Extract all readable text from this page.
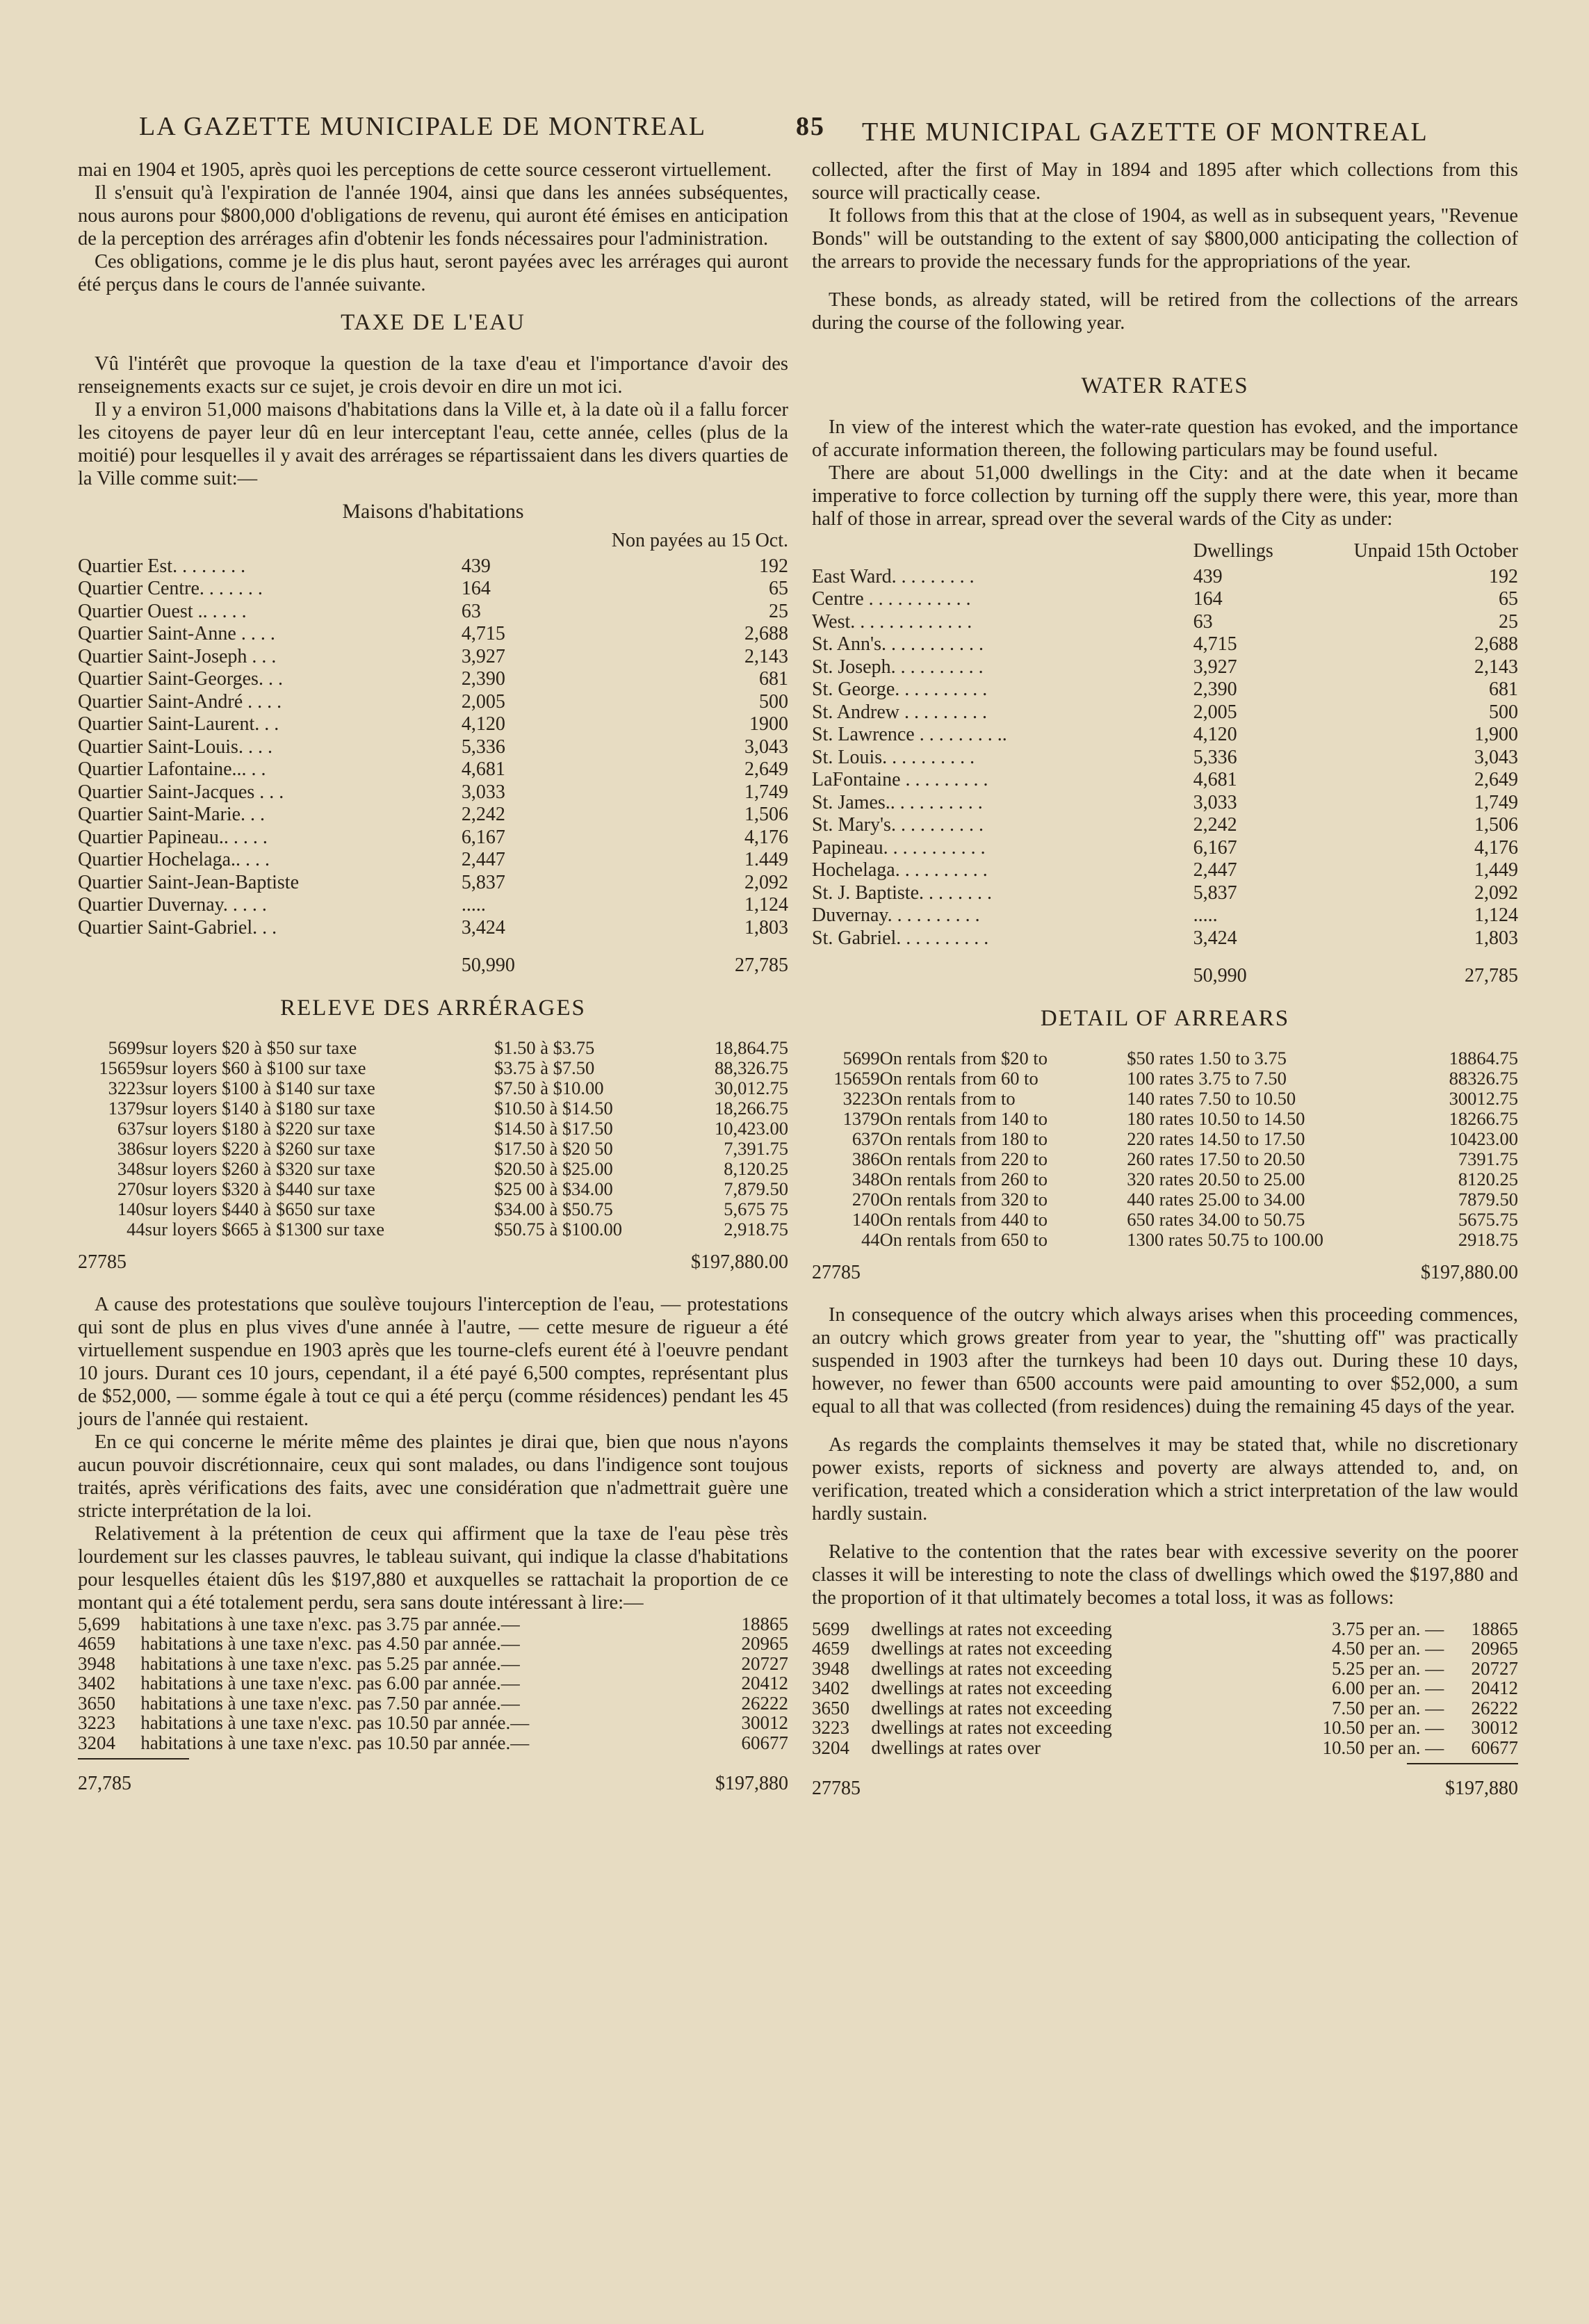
LA GAZETTE MUNICIPALE DE MONTREAL	85 THE MUNICIPAL GAZETTE OF MONTREAL

mai en 1904 et 1905, après quoi les perceptions de cette source cesseront virtuellement.

Il s'ensuit qu'à l'expiration de l'année 1904, ainsi que dans les années subséquentes, nous aurons pour $800,000 d'obligations de revenu, qui auront été émises en anticipation de la perception des arrérages afin d'obtenir les fonds nécessaires pour l'administration.

Ces obligations, comme je le dis plus haut, seront payées avec les arrérages qui auront été perçus dans le cours de l'année suivante.

TAXE DE L'EAU

Vû l'intérêt que provoque la question de la taxe d'eau et l'importance d'avoir des renseignements exacts sur ce sujet, je crois devoir en dire un mot ici.

Il y a environ 51,000 maisons d'habitations dans la Ville et, à la date où il a fallu forcer les citoyens de payer leur dû en leur interceptant l'eau, cette année, celles (plus de la moitié) pour lesquelles il y avait des arrérages se répartissaient dans les divers quarties de la Ville comme suit:—

Maisons d'habitations
	Non payées au 15 Oct.	
Quartier Est. . . . . . . .	439	192
Quartier Centre. . . . . . .	164	65
Quartier Ouest .. . . . .	63	25
Quartier Saint-Anne . . . .	4,715	2,688
Quartier Saint-Joseph . . .	3,927	2,143
Quartier Saint-Georges. . .	2,390	681
Quartier Saint-André . . . .	2,005	500
Quartier Saint-Laurent. . .	4,120	1900
Quartier Saint-Louis. . . .	5,336	3,043
Quartier Lafontaine... . .	4,681	2,649
Quartier Saint-Jacques . . .	3,033	1,749
Quartier Saint-Marie. . .	2,242	1,506
Quartier Papineau.. . . . .	6,167	4,176
Quartier Hochelaga.. . . .	2,447	1.449
Quartier Saint-Jean-Baptiste	5,837	2,092
Quartier Duvernay. . . . .	.....	1,124
Quartier Saint-Gabriel. . .	3,424	1,803
	50,990	27,785
RELEVE DES ARRÉRAGES
5699	sur loyers $20 à $50 sur taxe	$1.50 à $3.75	18,864.75
15659	sur loyers $60 à $100 sur taxe	$3.75 à $7.50	88,326.75
3223	sur loyers $100 à $140 sur taxe	$7.50 à $10.00	30,012.75
1379	sur loyers $140 à $180 sur taxe	$10.50 à $14.50	18,266.75
637	sur loyers $180 à $220 sur taxe	$14.50 à $17.50	10,423.00
386	sur loyers $220 à $260 sur taxe	$17.50 à $20 50	7,391.75
348	sur loyers $260 à $320 sur taxe	$20.50 à $25.00	8,120.25
270	sur loyers $320 à $440 sur taxe	$25 00 à $34.00	7,879.50
140	sur loyers $440 à $650 sur taxe	$34.00 à $50.75	5,675 75
44	sur loyers $665 à $1300 sur taxe	$50.75 à $100.00	2,918.75
27785	$197,880.00

A cause des protestations que soulève toujours l'interception de l'eau, — protestations qui sont de plus en plus vives d'une année à l'autre, — cette mesure de rigueur a été virtuellement suspendue en 1903 après que les tourne-clefs eurent été à l'oeuvre pendant 10 jours. Durant ces 10 jours, cependant, il a été payé 6,500 comptes, représentant plus de $52,000, — somme égale à tout ce qui a été perçu (comme résidences) pendant les 45 jours de l'année qui restaient.

En ce qui concerne le mérite même des plaintes je dirai que, bien que nous n'ayons aucun pouvoir discrétionnaire, ceux qui sont malades, ou dans l'indigence sont toujous traités, après vérifications des faits, avec une considération que n'admettrait guère une stricte interprétation de la loi.

Relativement à la prétention de ceux qui affirment que la taxe de l'eau pèse très lourdement sur les classes pauvres, le tableau suivant, qui indique la classe d'habitations pour lesquelles étaient dûs les $197,880 et auxquelles se rattachait la proportion de ce montant qui a été totalement perdu, sera sans doute intéressant à lire:—

5,699	habitations à une taxe n'exc. pas 3.75 par année.—	18865
4659	habitations à une taxe n'exc. pas 4.50 par année.—	20965
3948	habitations à une taxe n'exc. pas 5.25 par année.—	20727
3402	habitations à une taxe n'exc. pas 6.00 par année.—	20412
3650	habitations à une taxe n'exc. pas 7.50 par année.—	26222
3223	habitations à une taxe n'exc. pas 10.50 par année.—	30012
3204	habitations à une taxe n'exc. pas 10.50 par année.—	60677
27,785	$197,880

collected, after the first of May in 1894 and 1895 after which collections from this source will practically cease.

It follows from this that at the close of 1904, as well as in subsequent years, "Revenue Bonds" will be outstanding to the extent of say $800,000 anticipating the collection of the arrears to provide the necessary funds for the appropriations of the year.

These bonds, as already stated, will be retired from the collections of the arrears during the course of the following year.

WATER RATES

In view of the interest which the water-rate question has evoked, and the importance of accurate information thereen, the following particulars may be found useful.

There are about 51,000 dwellings in the City: and at the date when it became imperative to force collection by turning off the supply there were, this year, more than half of those in arrear, spread over the several wards of the City as under:

	Dwellings	Unpaid 15th October
East Ward. . . . . . . . .	439	192
Centre . . . . . . . . . . .	164	65
West. . . . . . . . . . . . .	63	25
St. Ann's. . . . . . . . . . .	4,715	2,688
St. Joseph. . . . . . . . . .	3,927	2,143
St. George. . . . . . . . . .	2,390	681
St. Andrew . . . . . . . . .	2,005	500
St. Lawrence . . . . . . . . ..	4,120	1,900
St. Louis. . . . . . . . . .	5,336	3,043
LaFontaine . . . . . . . . .	4,681	2,649
St. James.. . . . . . . . . .	3,033	1,749
St. Mary's. . . . . . . . . .	2,242	1,506
Papineau. . . . . . . . . . .	6,167	4,176
Hochelaga. . . . . . . . . .	2,447	1,449
St. J. Baptiste. . . . . . . .	5,837	2,092
Duvernay. . . . . . . . . .	.....	1,124
St. Gabriel. . . . . . . . . .	3,424	1,803
	50,990	27,785
DETAIL OF ARREARS
5699	On rentals from $20 to	$50 rates 1.50 to 3.75	18864.75
15659	On rentals from 60 to	100 rates 3.75 to 7.50	88326.75
3223	On rentals from to	140 rates 7.50 to 10.50	30012.75
1379	On rentals from 140 to	180 rates 10.50 to 14.50	18266.75
637	On rentals from 180 to	220 rates 14.50 to 17.50	10423.00
386	On rentals from 220 to	260 rates 17.50 to 20.50	7391.75
348	On rentals from 260 to	320 rates 20.50 to 25.00	8120.25
270	On rentals from 320 to	440 rates 25.00 to 34.00	7879.50
140	On rentals from 440 to	650 rates 34.00 to 50.75	5675.75
44	On rentals from 650 to	1300 rates 50.75 to 100.00	2918.75
27785	$197,880.00

In consequence of the outcry which always arises when this proceeding commences, an outcry which grows greater from year to year, the "shutting off" was practically suspended in 1903 after the turnkeys had been 10 days out. During these 10 days, however, no fewer than 6500 accounts were paid amounting to over $52,000, a sum equal to all that was collected (from residences) duing the remaining 45 days of the year.

As regards the complaints themselves it may be stated that, while no discretionary power exists, reports of sickness and poverty are always attended to, and, on verification, treated which a consideration which a strict interpretation of the law would hardly sustain.

Relative to the contention that the rates bear with excessive severity on the poorer classes it will be interesting to note the class of dwellings which owed the $197,880 and the proportion of it that ultimately becomes a total loss, it was as follows:

5699	dwellings at rates not exceeding	3.75 per an. —	18865
4659	dwellings at rates not exceeding	4.50 per an. —	20965
3948	dwellings at rates not exceeding	5.25 per an. —	20727
3402	dwellings at rates not exceeding	6.00 per an. —	20412
3650	dwellings at rates not exceeding	7.50 per an. —	26222
3223	dwellings at rates not exceeding	10.50 per an. —	30012
3204	dwellings at rates over	10.50 per an. —	60677
27785	$197,880
